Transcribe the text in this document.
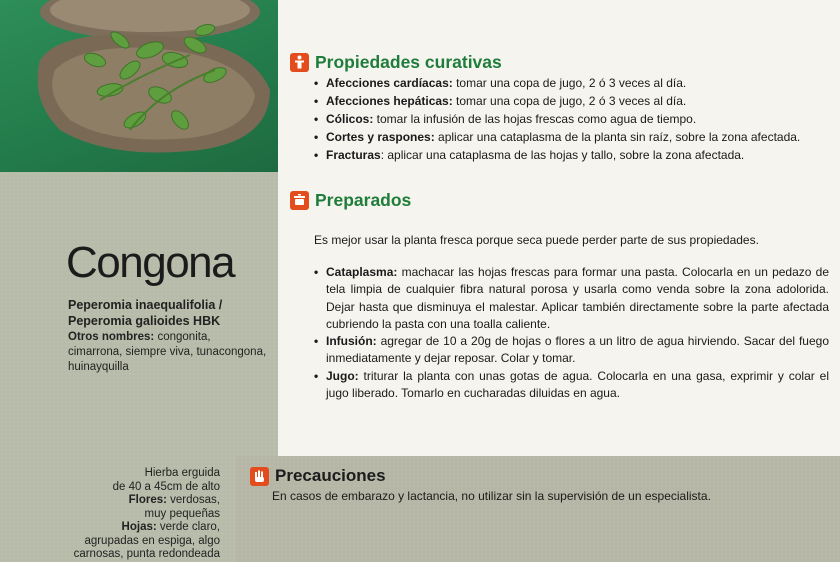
Congona
Peperomia inaequalifolia /
Peperomia galioides HBK
Otros nombres: congonita, cimarrona, siempre viva, tunacongona, huinayquilla
Hierba erguida
de 40 a 45cm de alto
Flores: verdosas,
muy pequeñas
Hojas: verde claro,
agrupadas en espiga, algo
carnosas, punta redondeada
Propiedades curativas
• Afecciones cardíacas: tomar una copa de jugo, 2 ó 3 veces al día.
• Afecciones hepáticas: tomar una copa de jugo, 2 ó 3 veces al día.
• Cólicos: tomar la infusión de las hojas frescas como agua de tiempo.
• Cortes y raspones: aplicar una cataplasma de la planta sin raíz, sobre la zona afectada.
• Fracturas: aplicar una cataplasma de las hojas y tallo, sobre la zona afectada.
Preparados
Es mejor usar la planta fresca porque seca puede perder parte de sus propiedades.
• Cataplasma: machacar las hojas frescas para formar una pasta. Colocarla en un pedazo de tela limpia de cualquier fibra natural porosa y usarla como venda sobre la zona adolorida. Dejar hasta que disminuya el malestar. Aplicar también directamente sobre la parte afectada cubriendo la pasta con una toalla caliente.
• Infusión: agregar de 10 a 20g de hojas o flores a un litro de agua hirviendo. Sacar del fuego inmediatamente y dejar reposar. Colar y tomar.
• Jugo: triturar la planta con unas gotas de agua. Colocarla en una gasa, exprimir y colar el jugo liberado. Tomarlo en cucharadas diluidas en agua.
Precauciones
En casos de embarazo y lactancia, no utilizar sin la supervisión de un especialista.
